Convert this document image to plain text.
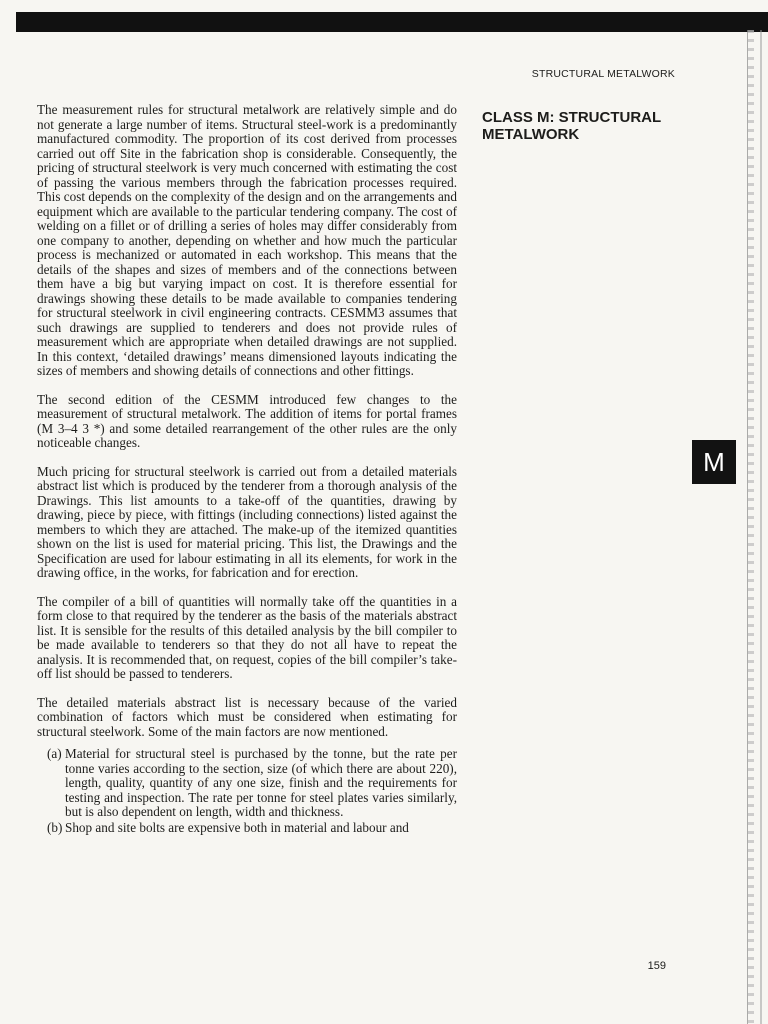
STRUCTURAL METALWORK
CLASS M: STRUCTURAL METALWORK
M

The measurement rules for structural metalwork are relatively simple and do not generate a large number of items. Structural steel-work is a predominantly manufactured commodity. The proportion of its cost derived from processes carried out off Site in the fabrication shop is considerable. Consequently, the pricing of structural steelwork is very much concerned with estimating the cost of passing the various members through the fabrication processes required. This cost depends on the complexity of the design and on the arrangements and equipment which are available to the particular tendering company. The cost of welding on a fillet or of drilling a series of holes may differ considerably from one company to another, depending on whether and how much the particular process is mechanized or automated in each workshop. This means that the details of the shapes and sizes of members and of the connections between them have a big but varying impact on cost. It is therefore essential for drawings showing these details to be made available to companies tendering for structural steelwork in civil engineering contracts. CESMM3 assumes that such drawings are supplied to tenderers and does not provide rules of measurement which are appropriate when detailed drawings are not supplied. In this context, ‘detailed drawings’ means dimensioned layouts indicating the sizes of members and showing details of connections and other fittings.

The second edition of the CESMM introduced few changes to the measurement of structural metalwork. The addition of items for portal frames (M 3–4 3 *) and some detailed rearrangement of the other rules are the only noticeable changes.

Much pricing for structural steelwork is carried out from a detailed materials abstract list which is produced by the tenderer from a thorough analysis of the Drawings. This list amounts to a take-off of the quantities, drawing by drawing, piece by piece, with fittings (including connections) listed against the members to which they are attached. The make-up of the itemized quantities shown on the list is used for material pricing. This list, the Drawings and the Specification are used for labour estimating in all its elements, for work in the drawing office, in the works, for fabrication and for erection.

The compiler of a bill of quantities will normally take off the quantities in a form close to that required by the tenderer as the basis of the materials abstract list. It is sensible for the results of this detailed analysis by the bill compiler to be made available to tenderers so that they do not all have to repeat the analysis. It is recommended that, on request, copies of the bill compiler’s take-off list should be passed to tenderers.

The detailed materials abstract list is necessary because of the varied combination of factors which must be considered when estimating for structural steelwork. Some of the main factors are now mentioned.

(a) Material for structural steel is purchased by the tonne, but the rate per tonne varies according to the section, size (of which there are about 220), length, quality, quantity of any one size, finish and the requirements for testing and inspection. The rate per tonne for steel plates varies similarly, but is also dependent on length, width and thickness.
(b) Shop and site bolts are expensive both in material and labour and
159
